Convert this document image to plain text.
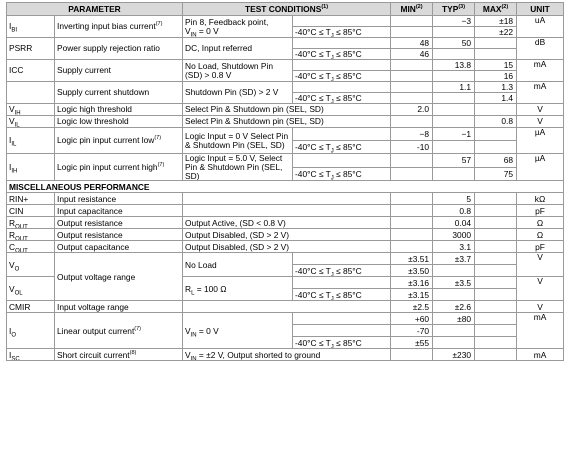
PARAMETER		TEST CONDITIONS$^{(1)}$		MIN$^{(2)}$	TYP$^{(3)}$	MAX$^{(2)}$	UNIT
$I_{BI}$	Inverting input bias current$^{(7)}$	Pin 8, Feedback point,
$V_{IN} = 0$ V			−3	±18	uA
			$-40^\circ C \le T_J \le 85^\circ C$			±22	
PSRR	Power supply rejection ratio	DC, Input referred		48	50		dB
			$-40^\circ C \le T_J \le 85^\circ C$	46			
ICC	Supply current	No Load, Shutdown Pin (SD) > 0.8 V			13.8	15	mA
			$-40^\circ C \le T_J \le 85^\circ C$			16	
	Supply current shutdown	Shutdown Pin (SD) > 2 V			1.1	1.3	mA
			$-40^\circ C \le T_J \le 85^\circ C$			1.4	
$V_{IH}$	Logic high threshold	Select Pin & Shutdown pin (SEL, SD)		2.0			V
$V_{IL}$	Logic low threshold	Select Pin & Shutdown pin (SEL, SD)				0.8	V
$I_{IL}$	Logic pin input current low$^{(7)}$	Logic Input = 0 V Select Pin & Shutdown Pin (SEL, SD)		−8	−1		µA
			$-40^\circ C \le T_J \le 85^\circ C$	-10			
$I_{IH}$	Logic pin input current high$^{(7)}$	Logic Input = 5.0 V, Select Pin & Shutdown Pin (SEL, SD)			57	68	µA
			$-40^\circ C \le T_J \le 85^\circ C$			75	
MISCELLANEOUS PERFORMANCE							
RIN+	Input resistance				5		kΩ
CIN	Input capacitance				0.8		pF
$R_{OUT}$	Output resistance	Output Active, (SD < 0.8 V)			0.04		Ω
$R_{OUT}$	Output resistance	Output Disabled, (SD > 2 V)			3000		Ω
$C_{OUT}$	Output capacitance	Output Disabled, (SD > 2 V)			3.1		pF
$V_O$	Output voltage range	No Load		±3.51	±3.7		V
			$-40^\circ C \le T_J \le 85^\circ C$	±3.50			
$V_{OL}$		$R_L = 100$ Ω		±3.16	±3.5		V
			$-40^\circ C \le T_J \le 85^\circ C$	±3.15			
CMIR	Input voltage range			±2.5	±2.6		V
$I_O$	Linear output current$^{(7)}$	$V_{IN} = 0$ V		+60	±80		mA
				-70			
			$-40^\circ C \le T_J \le 85^\circ C$	±55			
$I_{SC}$	Short circuit current$^{(8)}$	$V_{IN} = \pm 2$ V, Output shorted to ground			±230		mA
